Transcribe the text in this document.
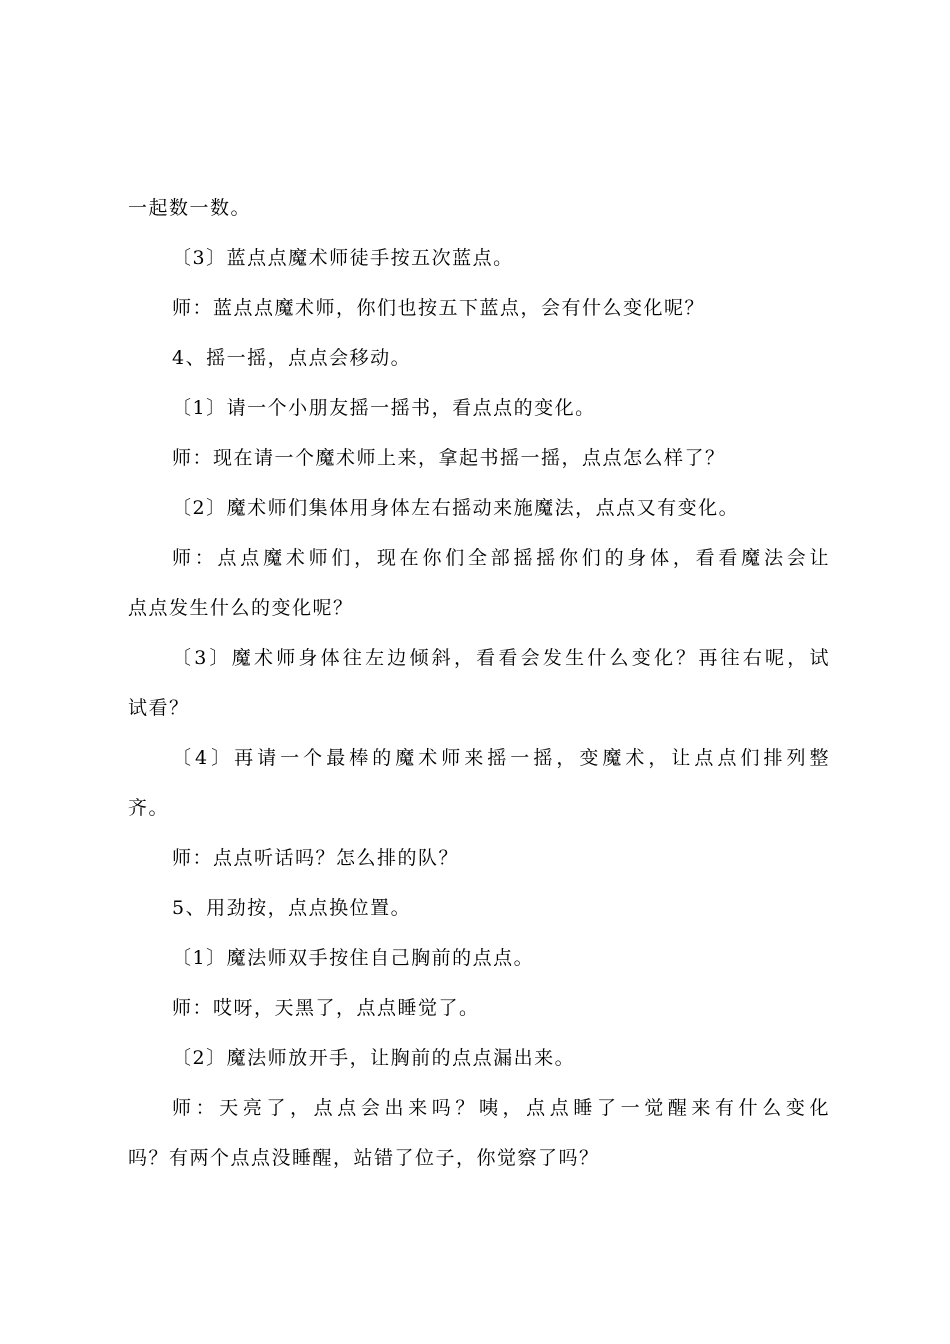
一起数一数。
〔3〕蓝点点魔术师徒手按五次蓝点。
师：蓝点点魔术师，你们也按五下蓝点，会有什么变化呢？
4、摇一摇，点点会移动。
〔1〕请一个小朋友摇一摇书，看点点的变化。
师：现在请一个魔术师上来，拿起书摇一摇，点点怎么样了？
〔2〕魔术师们集体用身体左右摇动来施魔法，点点又有变化。
师：点点魔术师们，现在你们全部摇摇你们的身体，看看魔法会让
点点发生什么的变化呢？
〔3〕魔术师身体往左边倾斜，看看会发生什么变化？再往右呢，试
试看？
〔4〕再请一个最棒的魔术师来摇一摇，变魔术，让点点们排列整
齐。
师：点点听话吗？怎么排的队？
5、用劲按，点点换位置。
〔1〕魔法师双手按住自己胸前的点点。
师：哎呀，天黑了，点点睡觉了。
〔2〕魔法师放开手，让胸前的点点漏出来。
师：天亮了，点点会出来吗？咦，点点睡了一觉醒来有什么变化
吗？有两个点点没睡醒，站错了位子，你觉察了吗？
